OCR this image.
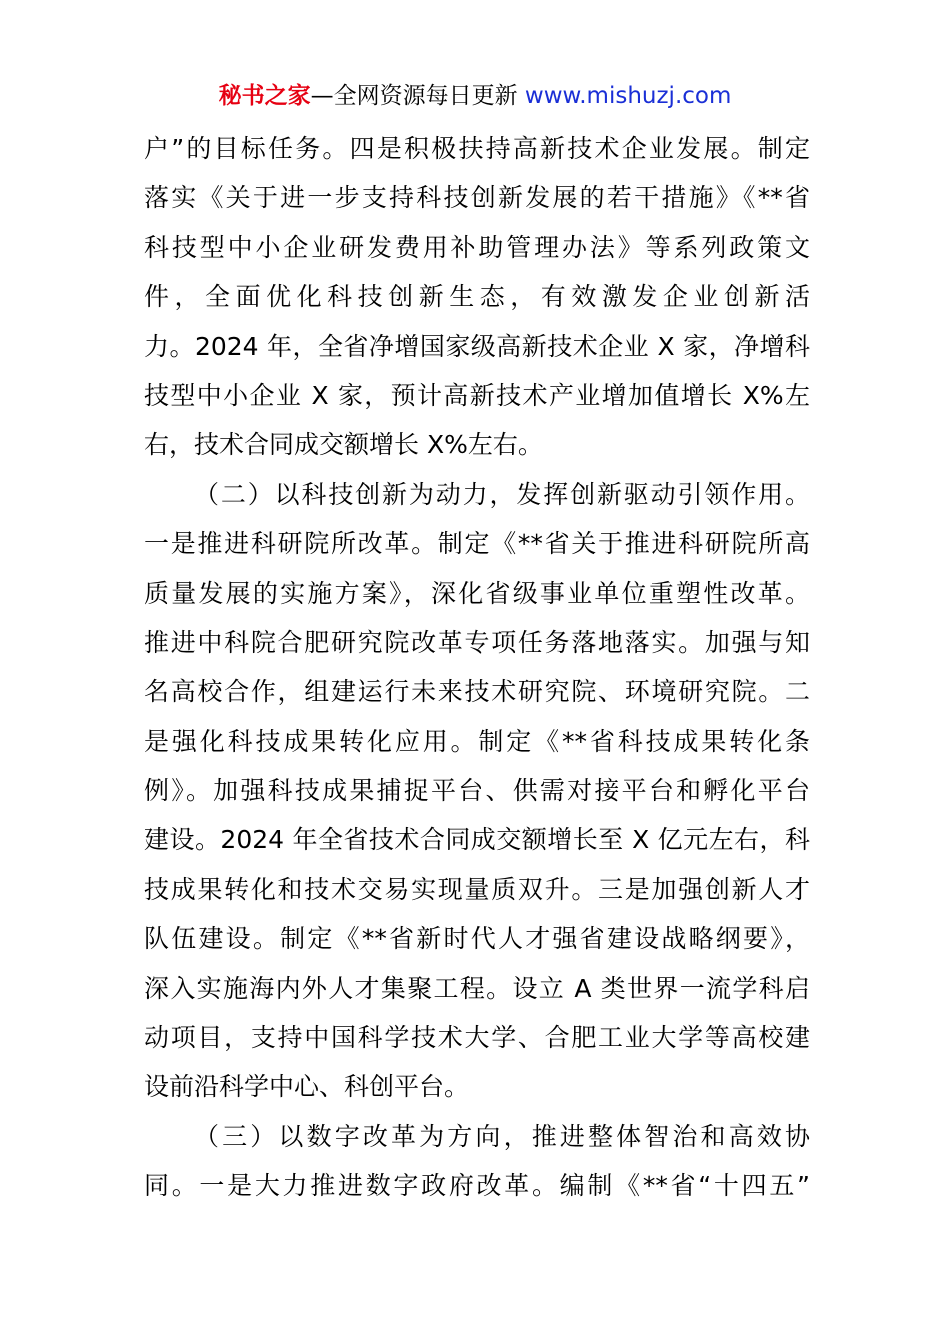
秘书之家—全网资源每日更新 www.mishuzj.com
户”的目标任务。四是积极扶持高新技术企业发展。制定
落实《关于进一步支持科技创新发展的若干措施》《**省
科技型中小企业研发费用补助管理办法》等系列政策文
件，全面优化科技创新生态，有效激发企业创新活
力。2024 年，全省净增国家级高新技术企业 X 家，净增科
技型中小企业 X 家，预计高新技术产业增加值增长 X%左
右，技术合同成交额增长 X%左右。
（二）以科技创新为动力，发挥创新驱动引领作用。
一是推进科研院所改革。制定《**省关于推进科研院所高
质量发展的实施方案》，深化省级事业单位重塑性改革。
推进中科院合肥研究院改革专项任务落地落实。加强与知
名高校合作，组建运行未来技术研究院、环境研究院。二
是强化科技成果转化应用。制定《**省科技成果转化条
例》。加强科技成果捕捉平台、供需对接平台和孵化平台
建设。2024 年全省技术合同成交额增长至 X 亿元左右，科
技成果转化和技术交易实现量质双升。三是加强创新人才
队伍建设。制定《**省新时代人才强省建设战略纲要》，
深入实施海内外人才集聚工程。设立 A 类世界一流学科启
动项目，支持中国科学技术大学、合肥工业大学等高校建
设前沿科学中心、科创平台。
（三）以数字改革为方向，推进整体智治和高效协
同。一是大力推进数字政府改革。编制《**省“十四五”
